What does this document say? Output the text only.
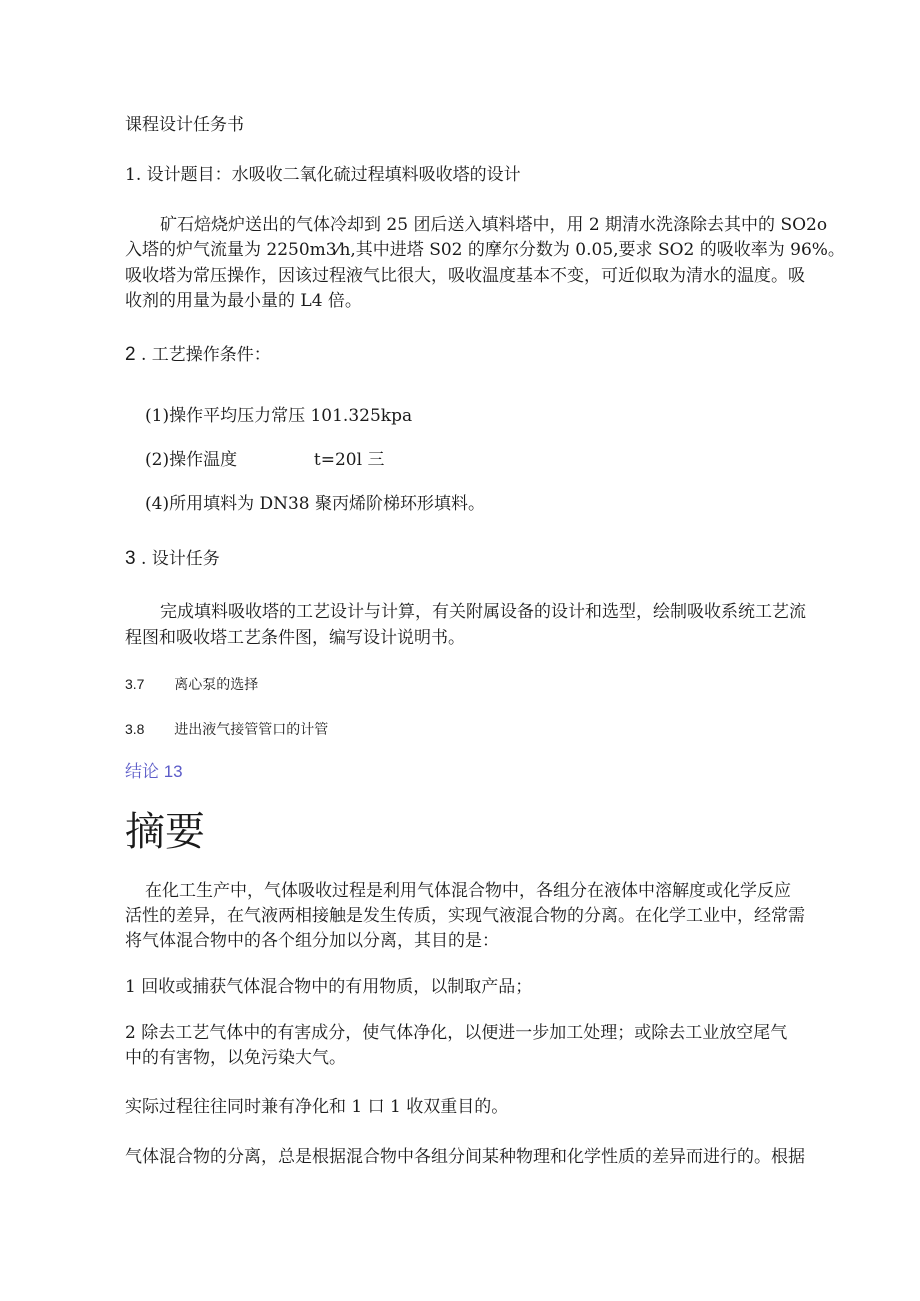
课程设计任务书
1. 设计题目：水吸收二氧化硫过程填料吸收塔的设计
矿石焙烧炉送出的气体冷却到 25 团后送入填料塔中，用 2 期清水洗涤除去其中的 SO2o
入塔的炉气流量为 2250m3⁄h,其中进塔 S02 的摩尔分数为 0.05,要求 SO2 的吸收率为 96%。
吸收塔为常压操作，因该过程液气比很大，吸收温度基本不变，可近似取为清水的温度。吸
收剂的用量为最小量的 L4 倍。
2 . 工艺操作条件：
(1)操作平均压力常压 101.325kpa
(2)操作温度	t=20l 三
(4)所用填料为 DN38 聚丙烯阶梯环形填料。
3 . 设计任务
完成填料吸收塔的工艺设计与计算，有关附属设备的设计和选型，绘制吸收系统工艺流
程图和吸收塔工艺条件图，编写设计说明书。
3.7 离心泵的选择
3.8 进出液气接管管口的计管
结论 13
摘要
在化工生产中，气体吸收过程是利用气体混合物中，各组分在液体中溶解度或化学反应
活性的差异，在气液两相接触是发生传质，实现气液混合物的分离。在化学工业中，经常需
将气体混合物中的各个组分加以分离，其目的是：
1 回收或捕获气体混合物中的有用物质，以制取产品；
2 除去工艺气体中的有害成分，使气体净化，以便进一步加工处理；或除去工业放空尾气
中的有害物，以免污染大气。
实际过程往往同时兼有净化和 1 口 1 收双重目的。
气体混合物的分离，总是根据混合物中各组分间某种物理和化学性质的差异而进行的。根据
